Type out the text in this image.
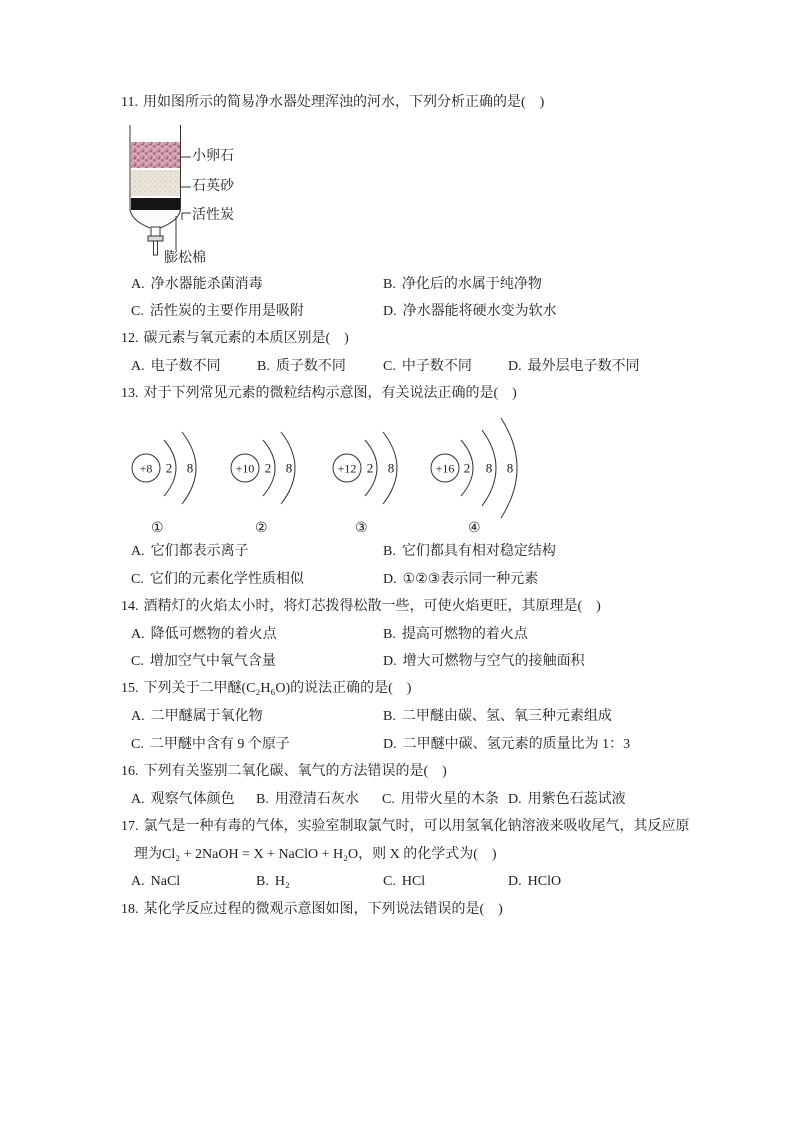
11. 用如图所示的简易净水器处理浑浊的河水，下列分析正确的是(　)
小卵石
石英砂
活性炭
膨松棉
A. 净水器能杀菌消毒	B. 净化后的水属于纯净物
C. 活性炭的主要作用是吸附	D. 净水器能将硬水变为软水
12. 碳元素与氧元素的本质区别是(　)
A. 电子数不同	B. 质子数不同	C. 中子数不同	D. 最外层电子数不同
13. 对于下列常见元素的微粒结构示意图，有关说法正确的是(　)
+8 2 8	+10 2 8	+12 2 8	+16 2 8 8
①	②	③	④
A. 它们都表示离子	B. 它们都具有相对稳定结构
C. 它们的元素化学性质相似	D. ①②③表示同一种元素
14. 酒精灯的火焰太小时，将灯芯拨得松散一些，可使火焰更旺，其原理是(　)
A. 降低可燃物的着火点	B. 提高可燃物的着火点
C. 增加空气中氧气含量	D. 增大可燃物与空气的接触面积
15. 下列关于二甲醚(C₂H₆O)的说法正确的是(　)
A. 二甲醚属于氧化物	B. 二甲醚由碳、氢、氧三种元素组成
C. 二甲醚中含有 9 个原子	D. 二甲醚中碳、氢元素的质量比为 1：3
16. 下列有关鉴别二氧化碳、氧气的方法错误的是(　)
A. 观察气体颜色 B. 用澄清石灰水 C. 用带火星的木条 D. 用紫色石蕊试液
17. 氯气是一种有毒的气体，实验室制取氯气时，可以用氢氧化钠溶液来吸收尾气，其反应原
理为Cl₂ + 2NaOH = X + NaClO + H₂O，则 X 的化学式为(　)
A. NaCl	B. H₂	C. HCl	D. HClO
18. 某化学反应过程的微观示意图如图，下列说法错误的是(　)
